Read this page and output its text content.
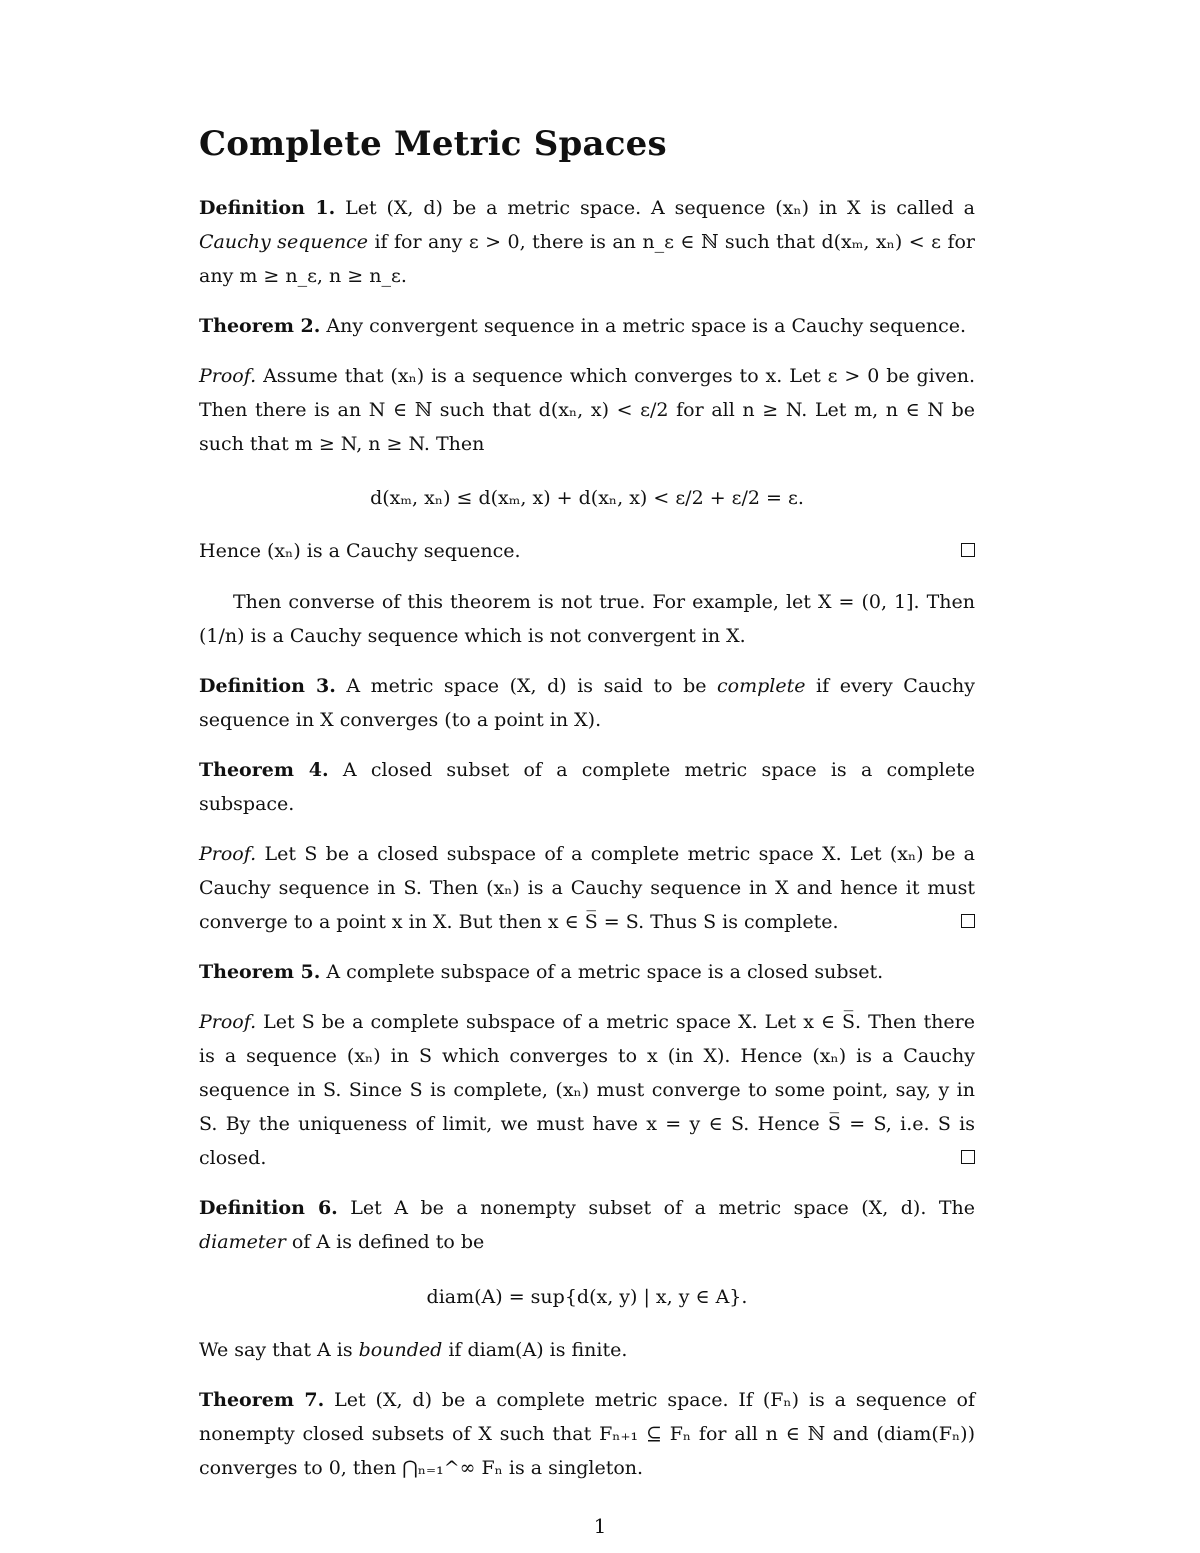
Complete Metric Spaces

Definition 1. Let (X, d) be a metric space. A sequence (xₙ) in X is called a Cauchy sequence if for any ε > 0, there is an n_ε ∈ ℕ such that d(xₘ, xₙ) < ε for any m ≥ n_ε, n ≥ n_ε.

Theorem 2. Any convergent sequence in a metric space is a Cauchy sequence.

Proof. Assume that (xₙ) is a sequence which converges to x. Let ε > 0 be given. Then there is an N ∈ ℕ such that d(xₙ, x) < ε/2 for all n ≥ N. Let m, n ∈ N be such that m ≥ N, n ≥ N. Then

d(xₘ, xₙ) ≤ d(xₘ, x) + d(xₙ, x) < ε/2 + ε/2 = ε.

Hence (xₙ) is a Cauchy sequence.

Then converse of this theorem is not true. For example, let X = (0, 1]. Then (1/n) is a Cauchy sequence which is not convergent in X.

Definition 3. A metric space (X, d) is said to be complete if every Cauchy sequence in X converges (to a point in X).

Theorem 4. A closed subset of a complete metric space is a complete subspace.

Proof. Let S be a closed subspace of a complete metric space X. Let (xₙ) be a Cauchy sequence in S. Then (xₙ) is a Cauchy sequence in X and hence it must converge to a point x in X. But then x ∈ S̅ = S. Thus S is complete.

Theorem 5. A complete subspace of a metric space is a closed subset.

Proof. Let S be a complete subspace of a metric space X. Let x ∈ S̅. Then there is a sequence (xₙ) in S which converges to x (in X). Hence (xₙ) is a Cauchy sequence in S. Since S is complete, (xₙ) must converge to some point, say, y in S. By the uniqueness of limit, we must have x = y ∈ S. Hence S̅ = S, i.e. S is closed.

Definition 6. Let A be a nonempty subset of a metric space (X, d). The diameter of A is defined to be

diam(A) = sup{d(x, y) | x, y ∈ A}.

We say that A is bounded if diam(A) is finite.

Theorem 7. Let (X, d) be a complete metric space. If (Fₙ) is a sequence of nonempty closed subsets of X such that Fₙ₊₁ ⊆ Fₙ for all n ∈ ℕ and (diam(Fₙ)) converges to 0, then ⋂ₙ₌₁^∞ Fₙ is a singleton.

1
